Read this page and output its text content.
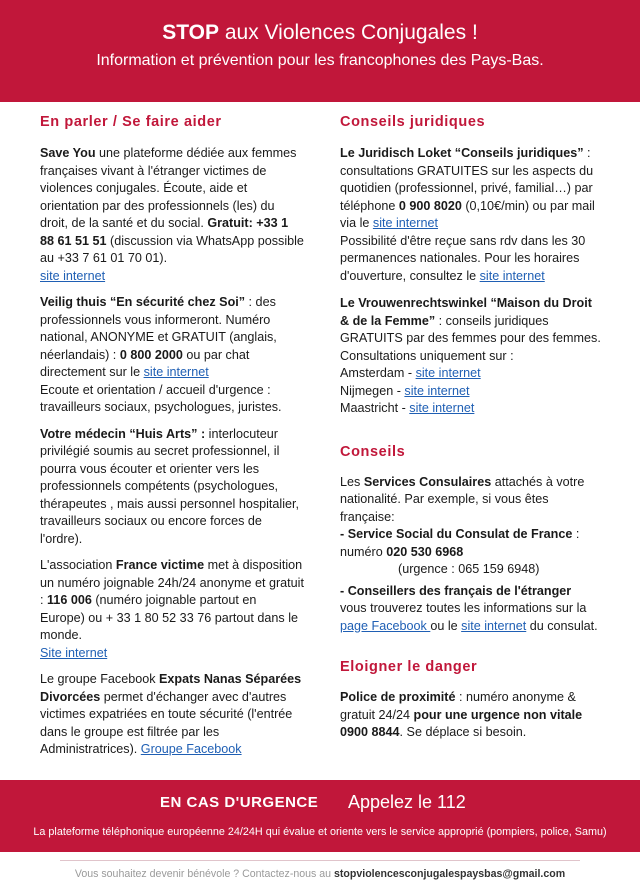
STOP aux Violences Conjugales !
Information et prévention pour les francophones des Pays-Bas.
En parler / Se faire aider

Save You une plateforme dédiée aux femmes françaises vivant à l'étranger victimes de violences conjugales. Écoute, aide et orientation par des professionnels (les) du droit, de la santé et du social. Gratuit: +33 1 88 61 51 51 (discussion via WhatsApp possible au +33 7 61 01 70 01).
site internet

Veilig thuis “En sécurité chez Soi” : des professionnels vous informeront. Numéro national, ANONYME et GRATUIT (anglais, néerlandais) : 0 800 2000 ou par chat directement sur le site internet
Ecoute et orientation / accueil d'urgence : travailleurs sociaux, psychologues, juristes.

Votre médecin “Huis Arts” : interlocuteur privilégié soumis au secret professionnel, il pourra vous écouter et orienter vers les professionnels compétents (psychologues, thérapeutes , mais aussi personnel hospitalier, travailleurs sociaux ou encore forces de l'ordre).

L'association France victime met à disposition un numéro joignable 24h/24 anonyme et gratuit : 116 006 (numéro joignable partout en Europe) ou + 33 1 80 52 33 76 partout dans le monde.
Site internet

Le groupe Facebook Expats Nanas Séparées Divorcées permet d'échanger avec d'autres victimes expatriées en toute sécurité (l'entrée dans le groupe est filtrée par les Administratrices). Groupe Facebook

Conseils juridiques

Le Juridisch Loket “Conseils juridiques” : consultations GRATUITES sur les aspects du quotidien (professionnel, privé, familial…) par téléphone 0 900 8020 (0,10€/min) ou par mail via le site internet
Possibilité d'être reçue sans rdv dans les 30 permanences nationales. Pour les horaires d'ouverture, consultez le site internet

Le Vrouwenrechtswinkel “Maison du Droit & de la Femme” : conseils juridiques GRATUITS par des femmes pour des femmes. Consultations uniquement sur :
Amsterdam - site internet
Nijmegen - site internet
Maastricht - site internet

Conseils

Les Services Consulaires attachés à votre nationalité. Par exemple, si vous êtes française:
- Service Social du Consulat de France : numéro 020 530 6968
(urgence : 065 159 6948)

- Conseillers des français de l'étranger
vous trouverez toutes les informations sur la page Facebook ou le site internet du consulat.

Eloigner le danger

Police de proximité : numéro anonyme & gratuit 24/24 pour une urgence non vitale 0900 8844. Se déplace si besoin.

EN CAS D'URGENCE Appelez le 112
La plateforme téléphonique européenne 24/24H qui évalue et oriente vers le service approprié (pompiers, police, Samu)
Vous souhaitez devenir bénévole ? Contactez-nous au stopviolencesconjugalespaysbas@gmail.com
